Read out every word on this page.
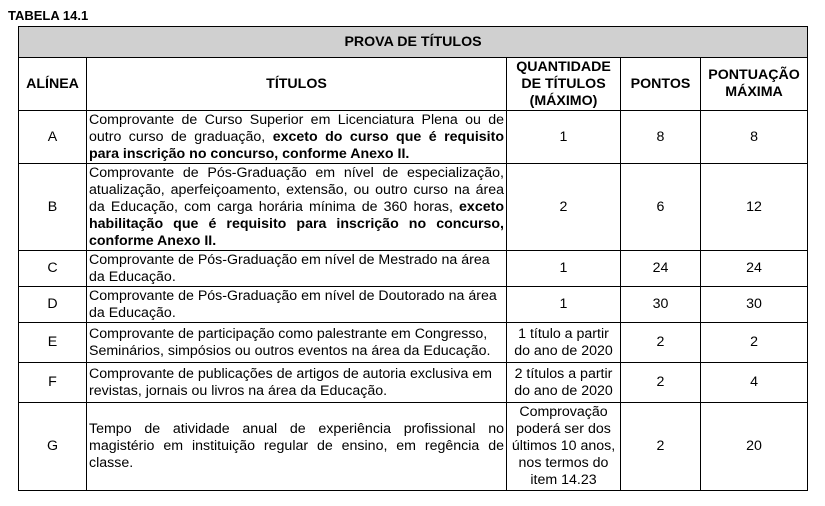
TABELA 14.1
PROVA DE TÍTULOS				
ALÍNEA	TÍTULOS	QUANTIDADE DE TÍTULOS (MÁXIMO)	PONTOS	PONTUAÇÃO MÁXIMA
A	Comprovante de Curso Superior em Licenciatura Plena ou de outro curso de graduação, exceto do curso que é requisito para inscrição no concurso, conforme Anexo II.	1	8	8
B	Comprovante de Pós-Graduação em nível de especialização, atualização, aperfeiçoamento, extensão, ou outro curso na área da Educação, com carga horária mínima de 360 horas, exceto habilitação que é requisito para inscrição no concurso, conforme Anexo II.	2	6	12
C	Comprovante de Pós-Graduação em nível de Mestrado na área da Educação.	1	24	24
D	Comprovante de Pós-Graduação em nível de Doutorado na área da Educação.	1	30	30
E	Comprovante de participação como palestrante em Congresso, Seminários, simpósios ou outros eventos na área da Educação.	1 título a partir do ano de 2020	2	2
F	Comprovante de publicações de artigos de autoria exclusiva em revistas, jornais ou livros na área da Educação.	2 títulos a partir do ano de 2020	2	4
G	Tempo de atividade anual de experiência profissional no magistério em instituição regular de ensino, em regência de classe.	Comprovação poderá ser dos últimos 10 anos, nos termos do item 14.23	2	20
